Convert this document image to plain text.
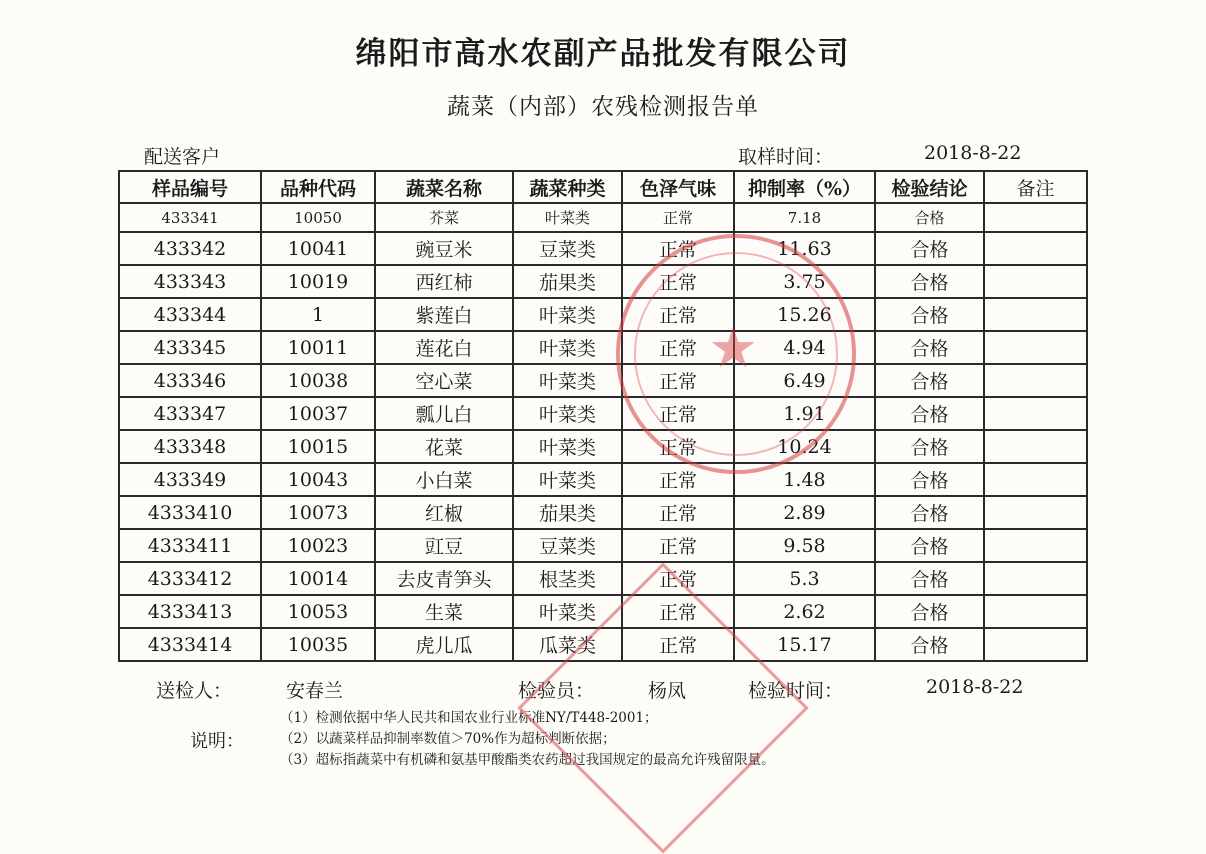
绵阳市高水农副产品批发有限公司
蔬菜（内部）农残检测报告单
配送客户	取样时间：	2018-8-22
样品编号	品种代码	蔬菜名称	蔬菜种类	色泽气味	抑制率（%）	检验结论	备注
433341	10050	芥菜	叶菜类	正常	7.18	合格	
433342	10041	豌豆米	豆菜类	正常	11.63	合格	
433343	10019	西红柿	茄果类	正常	3.75	合格	
433344	1	紫莲白	叶菜类	正常	15.26	合格	
433345	10011	莲花白	叶菜类	正常	4.94	合格	
433346	10038	空心菜	叶菜类	正常	6.49	合格	
433347	10037	瓢儿白	叶菜类	正常	1.91	合格	
433348	10015	花菜	叶菜类	正常	10.24	合格	
433349	10043	小白菜	叶菜类	正常	1.48	合格	
4333410	10073	红椒	茄果类	正常	2.89	合格	
4333411	10023	豇豆	豆菜类	正常	9.58	合格	
4333412	10014	去皮青笋头	根茎类	正常	5.3	合格	
4333413	10053	生菜	叶菜类	正常	2.62	合格	
4333414	10035	虎儿瓜	瓜菜类	正常	15.17	合格	
送检人：	安春兰	检验员：	杨凤	检验时间：	2018-8-22
说明：
（1）检测依据中华人民共和国农业行业标准NY/T448-2001；
（2）以蔬菜样品抑制率数值＞70%作为超标判断依据；
（3）超标指蔬菜中有机磷和氨基甲酸酯类农药超过我国规定的最高允许残留限量。
★
